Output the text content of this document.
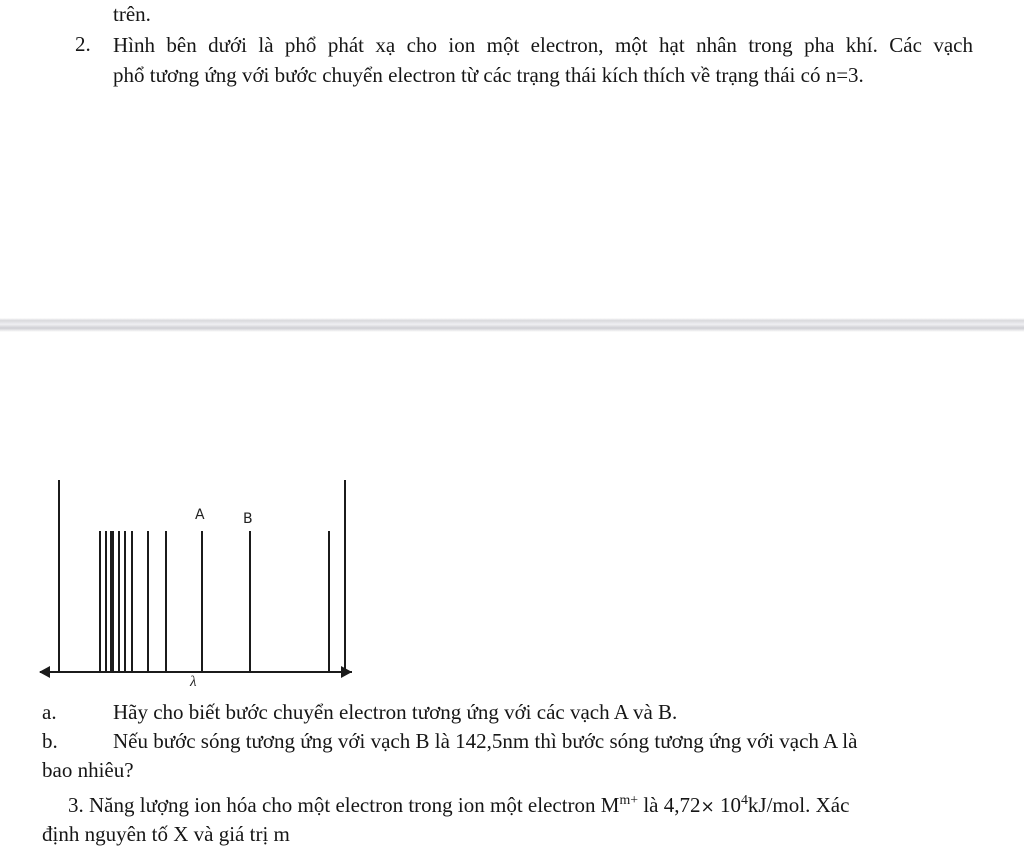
trên.
2. Hình bên dưới là phổ phát xạ cho ion một electron, một hạt nhân trong pha khí. Các vạch
phổ tương ứng với bước chuyển electron từ các trạng thái kích thích về trạng thái có n=3.
A	B
λ
a.	Hãy cho biết bước chuyển electron tương ứng với các vạch A và B.
b.	Nếu bước sóng tương ứng với vạch B là 142,5nm thì bước sóng tương ứng với vạch A là
bao nhiêu?
3. Năng lượng ion hóa cho một electron trong ion một electron $M^{m+}$ là $4,72\times 10^4kJ$/mol. Xác
định nguyên tố X và giá trị m
